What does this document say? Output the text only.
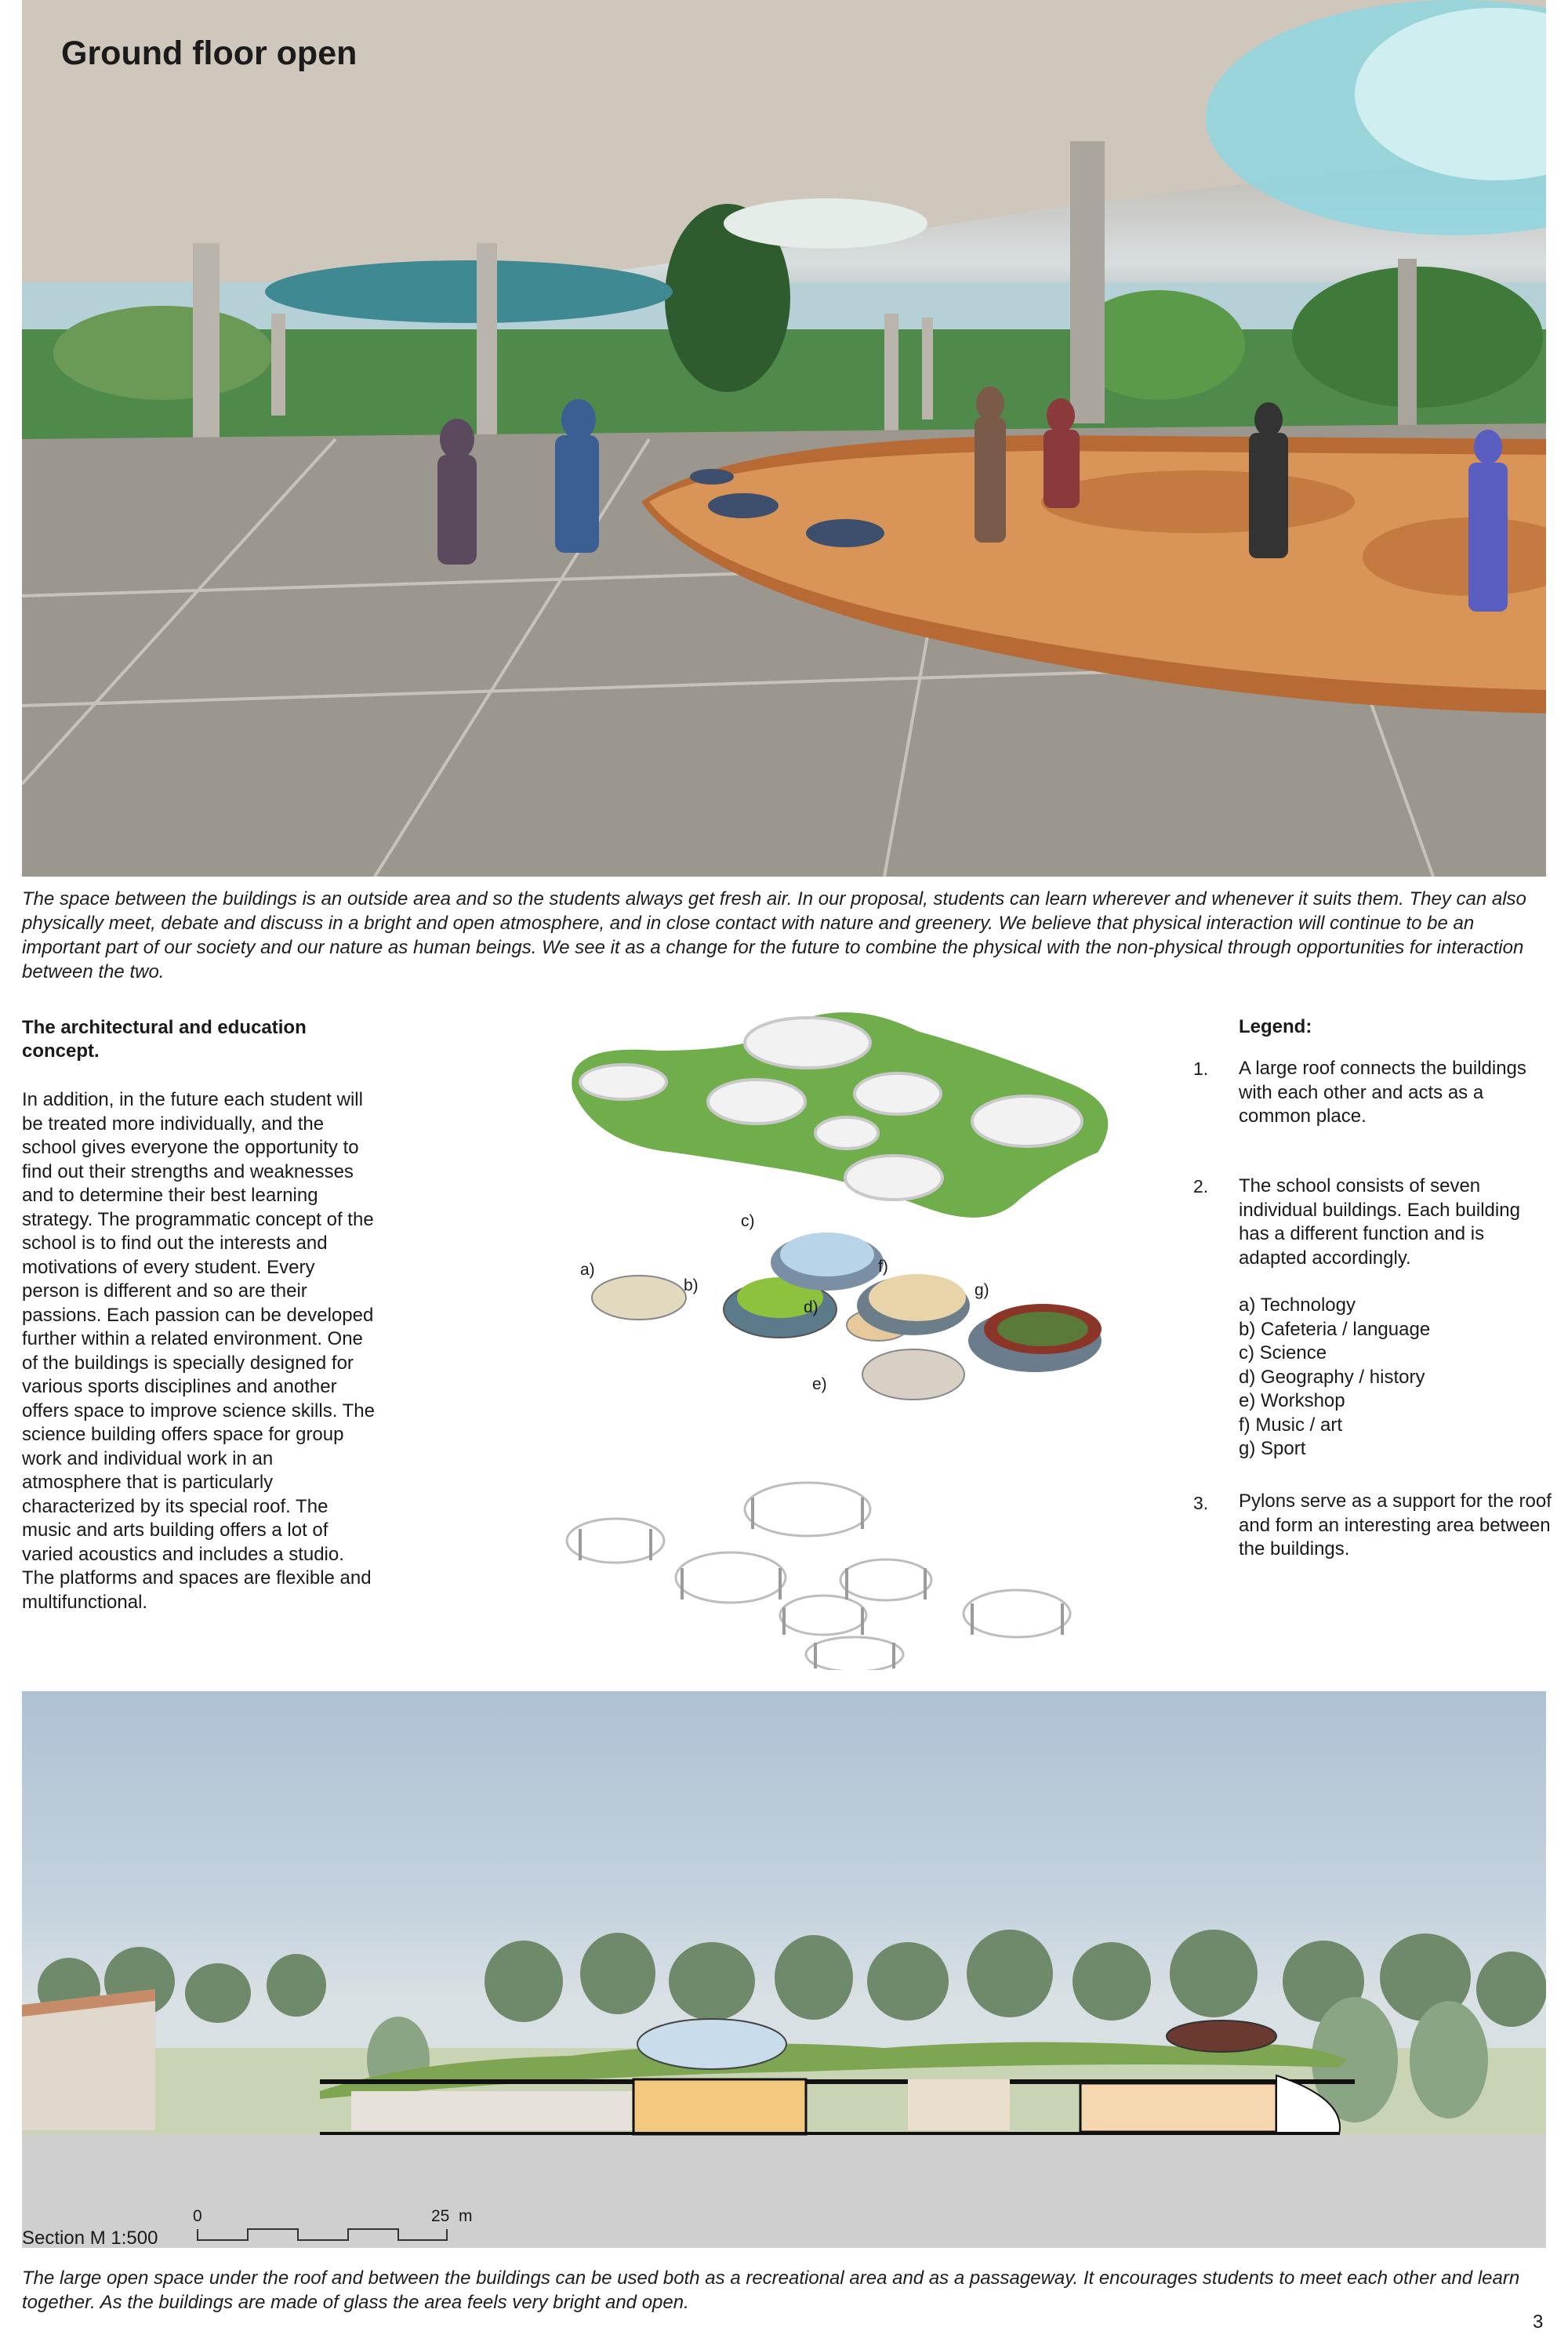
Ground floor open
The space between the buildings is an outside area and so the students always get fresh air. In our proposal, students can learn wherever and whenever it suits them. They can also physically meet, debate and discuss in a bright and open atmosphere, and in close contact with nature and greenery. We believe that physical interaction will continue to be an important part of our society and our nature as human beings. We see it as a change for the future to combine the physical with the non-physical through opportunities for interaction between the two.
The architectural and education concept.
In addition, in the future each student will be treated more individually, and the school gives everyone the opportunity to find out their strengths and weaknesses and to determine their best learning strategy. The programmatic concept of the school is to find out the interests and motivations of every student. Every person is different and so are their passions. Each passion can be developed further within a related environment. One of the buildings is specially designed for various sports disciplines and another offers space to improve science skills. The science building offers space for group work and individual work in an atmosphere that is particularly characterized by its special roof. The music and arts building offers a lot of varied acoustics and includes a studio. The platforms and spaces are flexible and multifunctional.
a)
b)
c)
d)
e)
f)
g)
Legend:
1. A large roof connects the buildings with each other and acts as a common place.
2. The school consists of seven individual buildings. Each building has a different function and is adapted accordingly.
a) Technology
b) Cafeteria / language
c) Science
d) Geography / history
e) Workshop
f) Music / art
g) Sport
3. Pylons serve as a support for the roof and form an interesting area between the buildings.
Section M 1:500
0	25  m
The large open space under the roof and between the buildings can be used both as a recreational area and as a passageway. It encourages students to meet each other and learn together. As the buildings are made of glass the area feels very bright and open.
3
